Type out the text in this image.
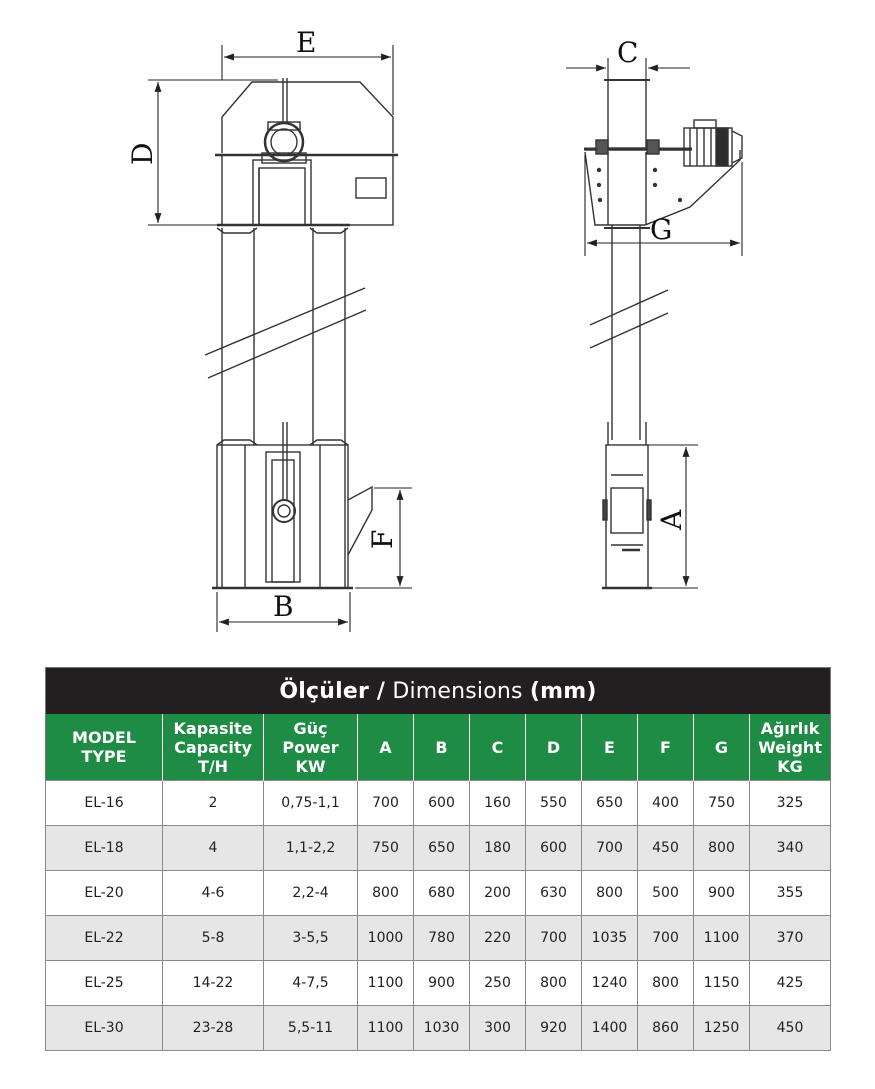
E
D
B
F
C
G
A
Ölçüler / Dimensions (mm)										
MODEL
TYPE	Kapasite
Capacity
T/H	Güç
Power
KW	A	B	C	D	E	F	G	Ağırlık
Weight
KG
EL-16	2	0,75-1,1	700	600	160	550	650	400	750	325
EL-18	4	1,1-2,2	750	650	180	600	700	450	800	340
EL-20	4-6	2,2-4	800	680	200	630	800	500	900	355
EL-22	5-8	3-5,5	1000	780	220	700	1035	700	1100	370
EL-25	14-22	4-7,5	1100	900	250	800	1240	800	1150	425
EL-30	23-28	5,5-11	1100	1030	300	920	1400	860	1250	450
